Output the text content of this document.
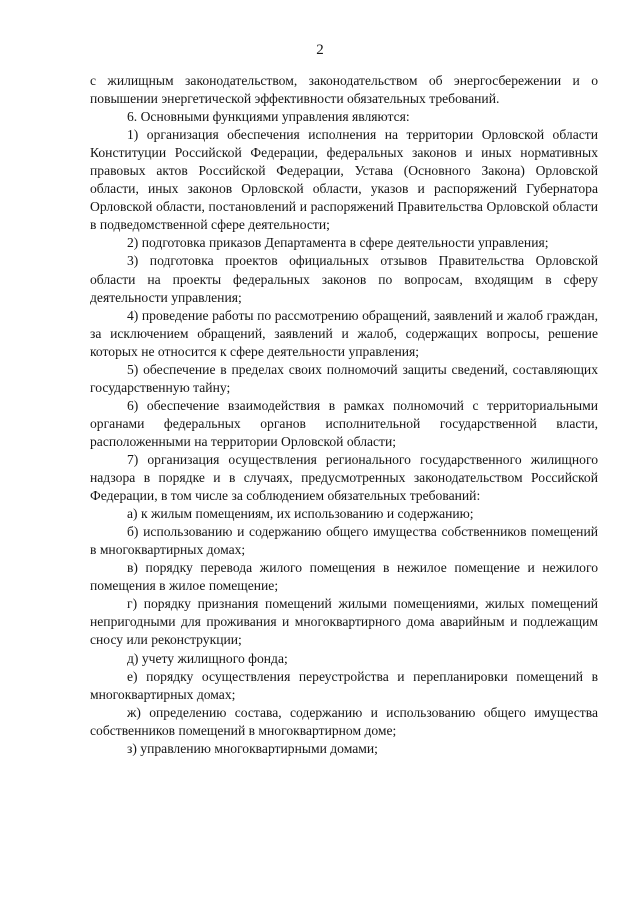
2

с жилищным законодательством, законодательством об энергосбережении и о повышении энергетической эффективности обязательных требований.

6. Основными функциями управления являются:

1) организация обеспечения исполнения на территории Орловской области Конституции Российской Федерации, федеральных законов и иных нормативных правовых актов Российской Федерации, Устава (Основного Закона) Орловской области, иных законов Орловской области, указов и распоряжений Губернатора Орловской области, постановлений и распоряжений Правительства Орловской области в подведомственной сфере деятельности;

2) подготовка приказов Департамента в сфере деятельности управления;

3) подготовка проектов официальных отзывов Правительства Орловской области на проекты федеральных законов по вопросам, входящим в сферу деятельности управления;

4) проведение работы по рассмотрению обращений, заявлений и жалоб граждан, за исключением обращений, заявлений и жалоб, содержащих вопросы, решение которых не относится к сфере деятельности управления;

5) обеспечение в пределах своих полномочий защиты сведений, составляющих государственную тайну;

6) обеспечение взаимодействия в рамках полномочий с территориальными органами федеральных органов исполнительной государственной власти, расположенными на территории Орловской области;

7) организация осуществления регионального государственного жилищного надзора в порядке и в случаях, предусмотренных законодательством Российской Федерации, в том числе за соблюдением обязательных требований:

а) к жилым помещениям, их использованию и содержанию;

б) использованию и содержанию общего имущества собственников помещений в многоквартирных домах;

в) порядку перевода жилого помещения в нежилое помещение и нежилого помещения в жилое помещение;

г) порядку признания помещений жилыми помещениями, жилых помещений непригодными для проживания и многоквартирного дома аварийным и подлежащим сносу или реконструкции;

д) учету жилищного фонда;

е) порядку осуществления переустройства и перепланировки помещений в многоквартирных домах;

ж) определению состава, содержанию и использованию общего имущества собственников помещений в многоквартирном доме;

з) управлению многоквартирными домами;
